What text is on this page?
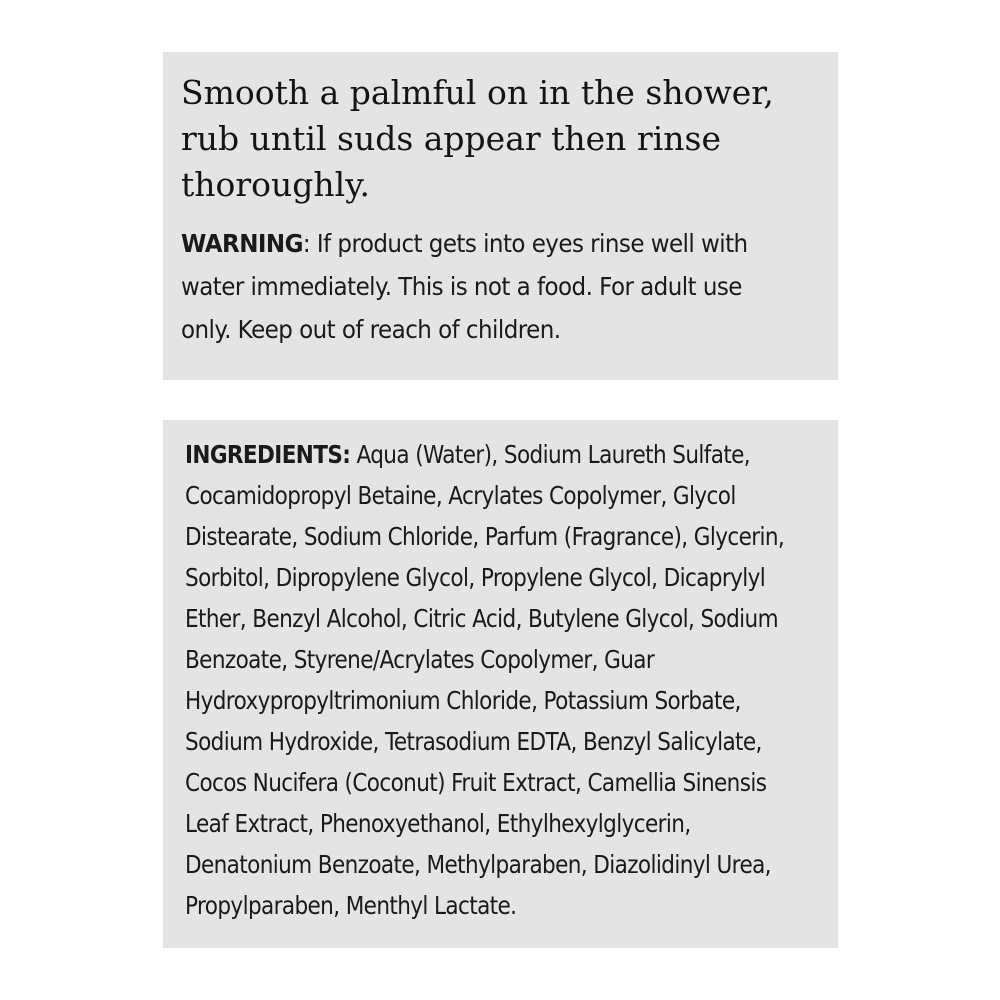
Smooth a palmful on in the shower, rub until suds appear then rinse thoroughly.

WARNING: If product gets into eyes rinse well with water immediately. This is not a food. For adult use only. Keep out of reach of children.

INGREDIENTS: Aqua (Water), Sodium Laureth Sulfate, Cocamidopropyl Betaine, Acrylates Copolymer, Glycol Distearate, Sodium Chloride, Parfum (Fragrance), Glycerin, Sorbitol, Dipropylene Glycol, Propylene Glycol, Dicaprylyl Ether, Benzyl Alcohol, Citric Acid, Butylene Glycol, Sodium Benzoate, Styrene/Acrylates Copolymer, Guar Hydroxypropyltrimonium Chloride, Potassium Sorbate, Sodium Hydroxide, Tetrasodium EDTA, Benzyl Salicylate, Cocos Nucifera (Coconut) Fruit Extract, Camellia Sinensis Leaf Extract, Phenoxyethanol, Ethylhexylglycerin, Denatonium Benzoate, Methylparaben, Diazolidinyl Urea, Propylparaben, Menthyl Lactate.
